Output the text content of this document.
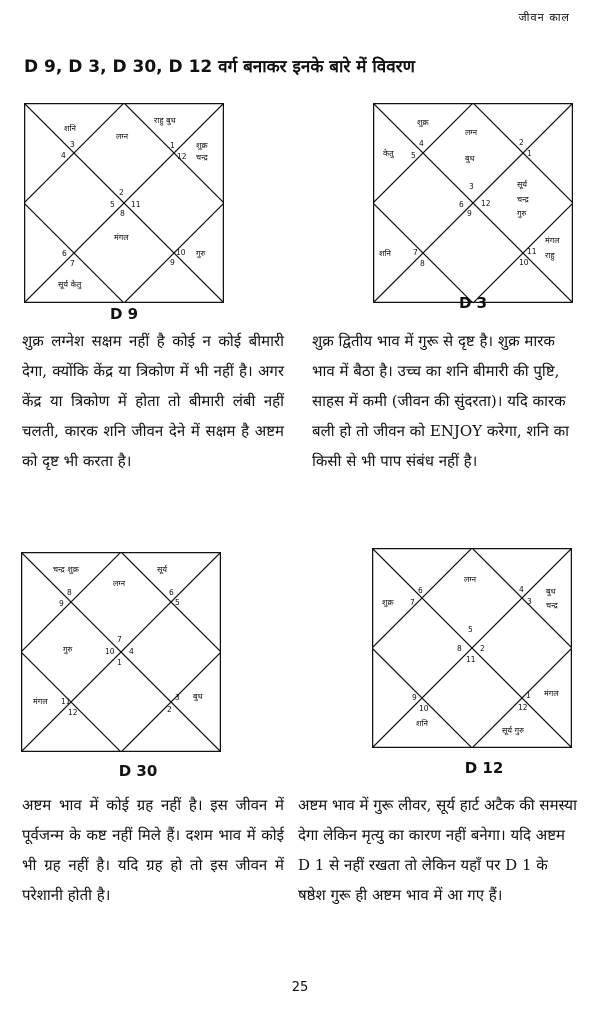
जीवन काल
D 9, D 3, D 30, D 12 वर्ग बनाकर इनके बारे में विवरण
शनि
लग्न
राहु बुध
शुक्र
चन्द्र
मंगल
गुरु
सूर्य केतु
3
4
1
12
2
5 11
8
6
7
10
9
D 9
शुक्र
केतु
लग्न
बुध
सूर्य
चन्द्र
गुरु
मंगल
राहु
शनि
4
5
2
1
3
6 12
9
7
8
11
10
D 3
शुक्र लग्नेश सक्षम नहीं है कोई न कोई बीमारी देगा, क्योंकि केंद्र या त्रिकोण में भी नहीं है। अगर केंद्र या त्रिकोण में होता तो बीमारी लंबी नहीं चलती, कारक शनि जीवन देने में सक्षम है अष्टम को दृष्ट भी करता है।
शुक्र द्वितीय भाव में गुरू से दृष्ट है। शुक्र मारक भाव में बैठा है। उच्च का शनि बीमारी की पुष्टि, साहस में कमी (जीवन की सुंदरता)। यदि कारक बली हो तो जीवन को ENJOY करेगा, शनि का किसी से भी पाप संबंध नहीं है।
चन्द्र शुक्र	सूर्य
लग्न
गुरु
मंगल
बुध
8
9
6
5
7
10 4
1
11
12
3
2
D 30
लग्न
शुक्र
बुध
चन्द्र
शनि
मंगल
सूर्य गुरु
6
7
4
3
5
8 2
11
9
10
1
12
D 12
अष्टम भाव में कोई ग्रह नहीं है। इस जीवन में पूर्वजन्म के कष्ट नहीं मिले हैं। दशम भाव में कोई भी ग्रह नहीं है। यदि ग्रह हो तो इस जीवन में परेशानी होती है।
अष्टम भाव में गुरू लीवर, सूर्य हार्ट अटैक की समस्या देगा लेकिन मृत्यु का कारण नहीं बनेगा। यदि अष्टम D 1 से नहीं रखता तो लेकिन यहाँ पर D 1 के षष्ठेश गुरू ही अष्टम भाव में आ गए हैं।
25
